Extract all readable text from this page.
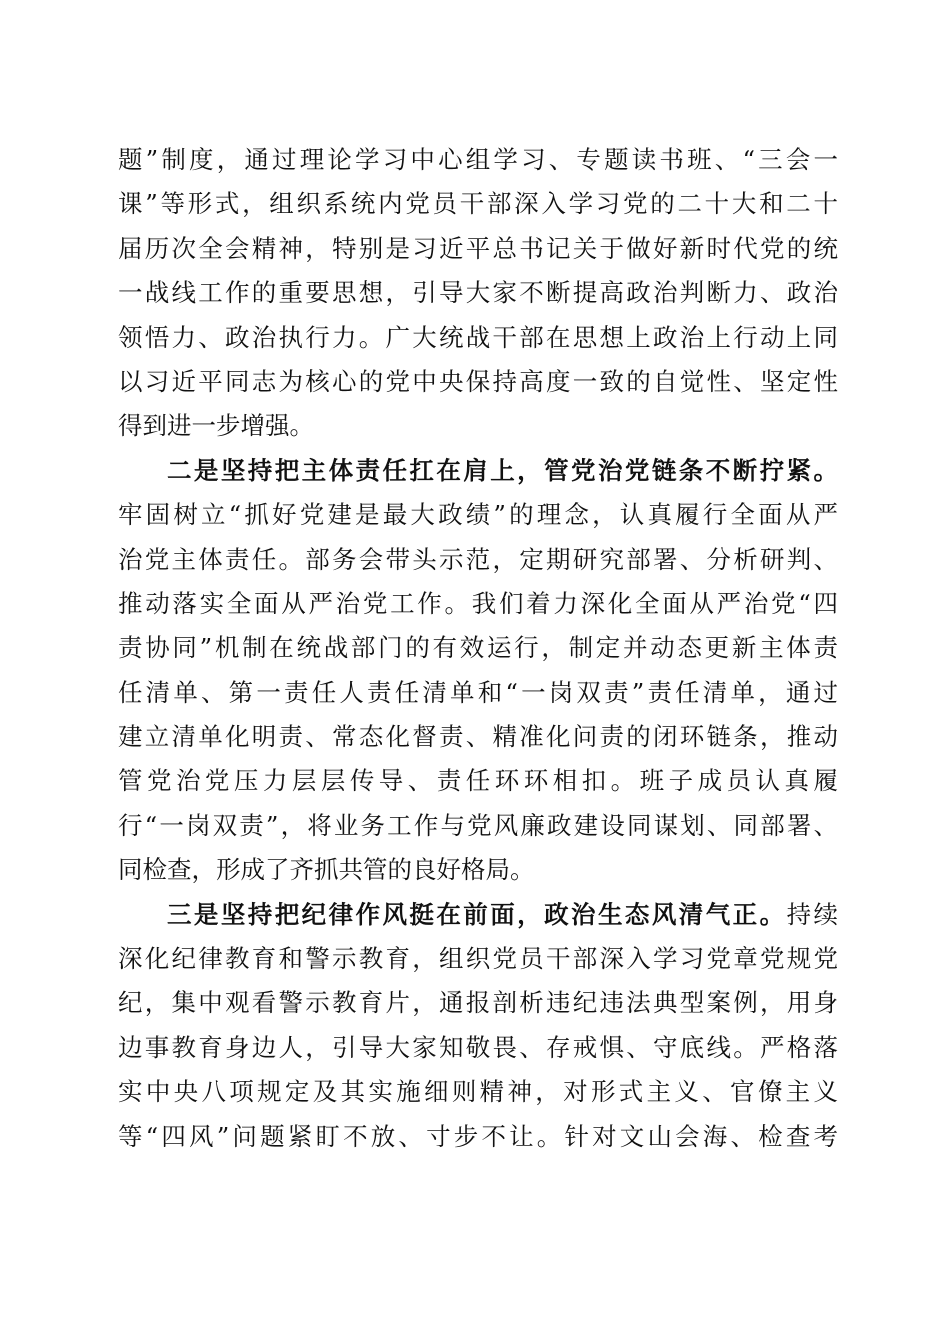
题”制度，通过理论学习中心组学习、专题读书班、“三会一
课”等形式，组织系统内党员干部深入学习党的二十大和二十
届历次全会精神，特别是习近平总书记关于做好新时代党的统
一战线工作的重要思想，引导大家不断提高政治判断力、政治
领悟力、政治执行力。广大统战干部在思想上政治上行动上同
以习近平同志为核心的党中央保持高度一致的自觉性、坚定性
得到进一步增强。
二是坚持把主体责任扛在肩上，管党治党链条不断拧紧。
牢固树立“抓好党建是最大政绩”的理念，认真履行全面从严
治党主体责任。部务会带头示范，定期研究部署、分析研判、
推动落实全面从严治党工作。我们着力深化全面从严治党“四
责协同”机制在统战部门的有效运行，制定并动态更新主体责
任清单、第一责任人责任清单和“一岗双责”责任清单，通过
建立清单化明责、常态化督责、精准化问责的闭环链条，推动
管党治党压力层层传导、责任环环相扣。班子成员认真履
行“一岗双责”，将业务工作与党风廉政建设同谋划、同部署、
同检查，形成了齐抓共管的良好格局。
三是坚持把纪律作风挺在前面，政治生态风清气正。持续
深化纪律教育和警示教育，组织党员干部深入学习党章党规党
纪，集中观看警示教育片，通报剖析违纪违法典型案例，用身
边事教育身边人，引导大家知敬畏、存戒惧、守底线。严格落
实中央八项规定及其实施细则精神，对形式主义、官僚主义
等“四风”问题紧盯不放、寸步不让。针对文山会海、检查考
